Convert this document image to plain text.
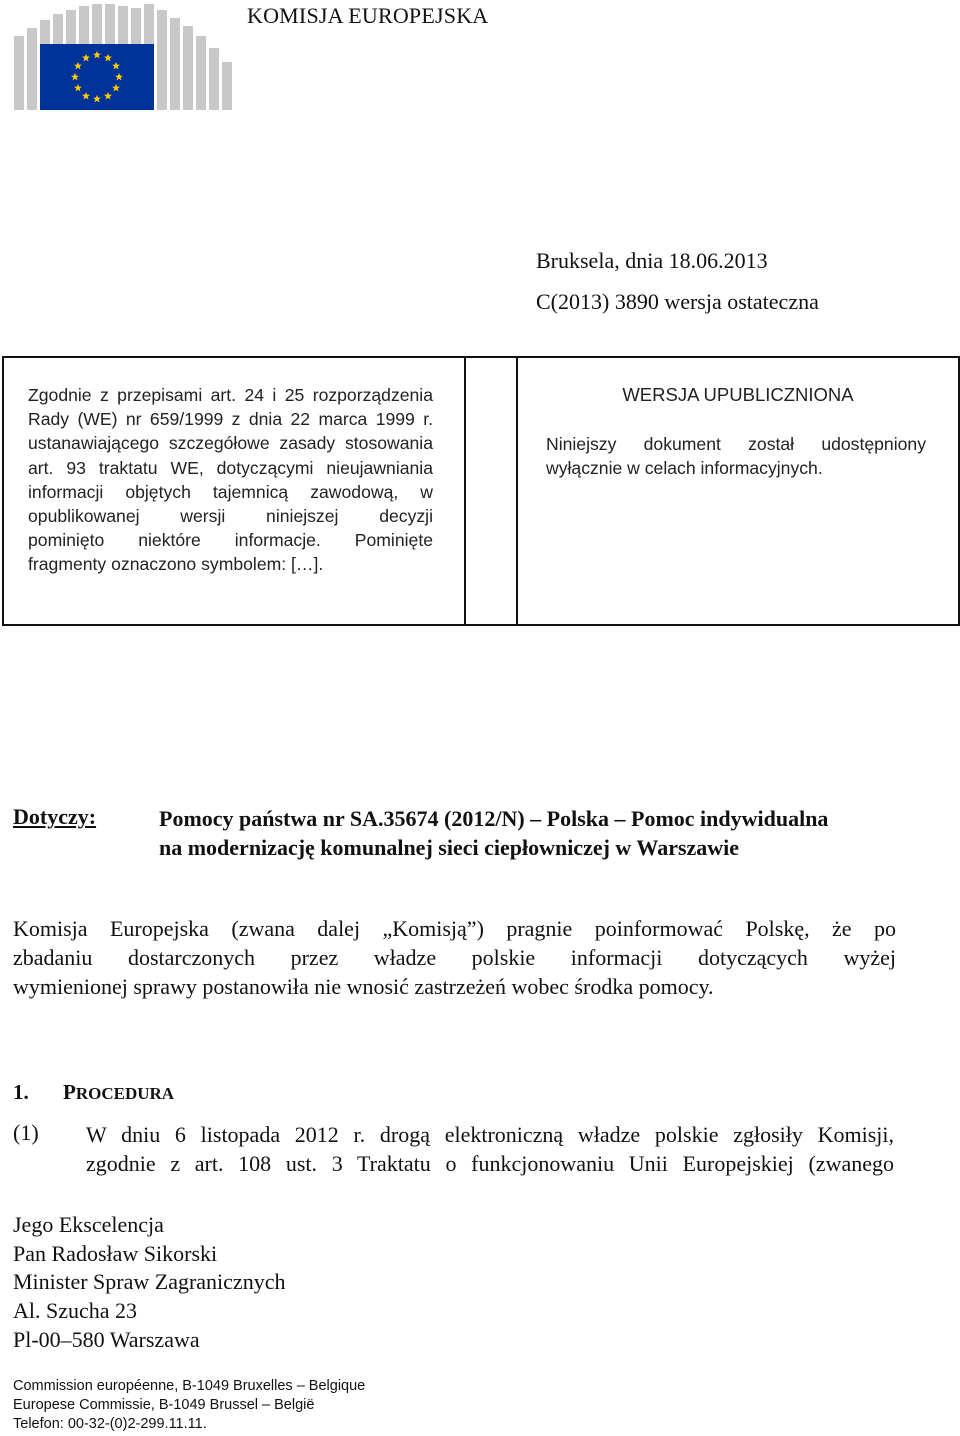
KOMISJA EUROPEJSKA
Bruksela, dnia 18.06.2013
C(2013) 3890 wersja ostateczna
Zgodnie z przepisami art. 24 i 25 rozporządzenia
Rady (WE) nr 659/1999 z dnia 22 marca 1999 r.
ustanawiającego szczegółowe zasady stosowania
art. 93 traktatu WE, dotyczącymi nieujawniania
informacji objętych tajemnicą zawodową, w
opublikowanej wersji niniejszej decyzji
pominięto niektóre informacje. Pominięte
fragmenty oznaczono symbolem: […].
WERSJA UPUBLICZNIONA
Niniejszy dokument został udostępniony
wyłącznie w celach informacyjnych.
Dotyczy:	Pomocy państwa nr SA.35674 (2012/N) – Polska – Pomoc indywidualna
na modernizację komunalnej sieci ciepłowniczej w Warszawie
Komisja Europejska (zwana dalej „Komisją”) pragnie poinformować Polskę, że po
zbadaniu dostarczonych przez władze polskie informacji dotyczących wyżej
wymienionej sprawy postanowiła nie wnosić zastrzeżeń wobec środka pomocy.
1. PROCEDURA
(1) W dniu 6 listopada 2012 r. drogą elektroniczną władze polskie zgłosiły Komisji,
zgodnie z art. 108 ust. 3 Traktatu o funkcjonowaniu Unii Europejskiej (zwanego
Jego Ekscelencja
Pan Radosław Sikorski
Minister Spraw Zagranicznych
Al. Szucha 23
Pl-00–580 Warszawa
Commission européenne, B-1049 Bruxelles – Belgique
Europese Commissie, B-1049 Brussel – België
Telefon: 00-32-(0)2-299.11.11.
